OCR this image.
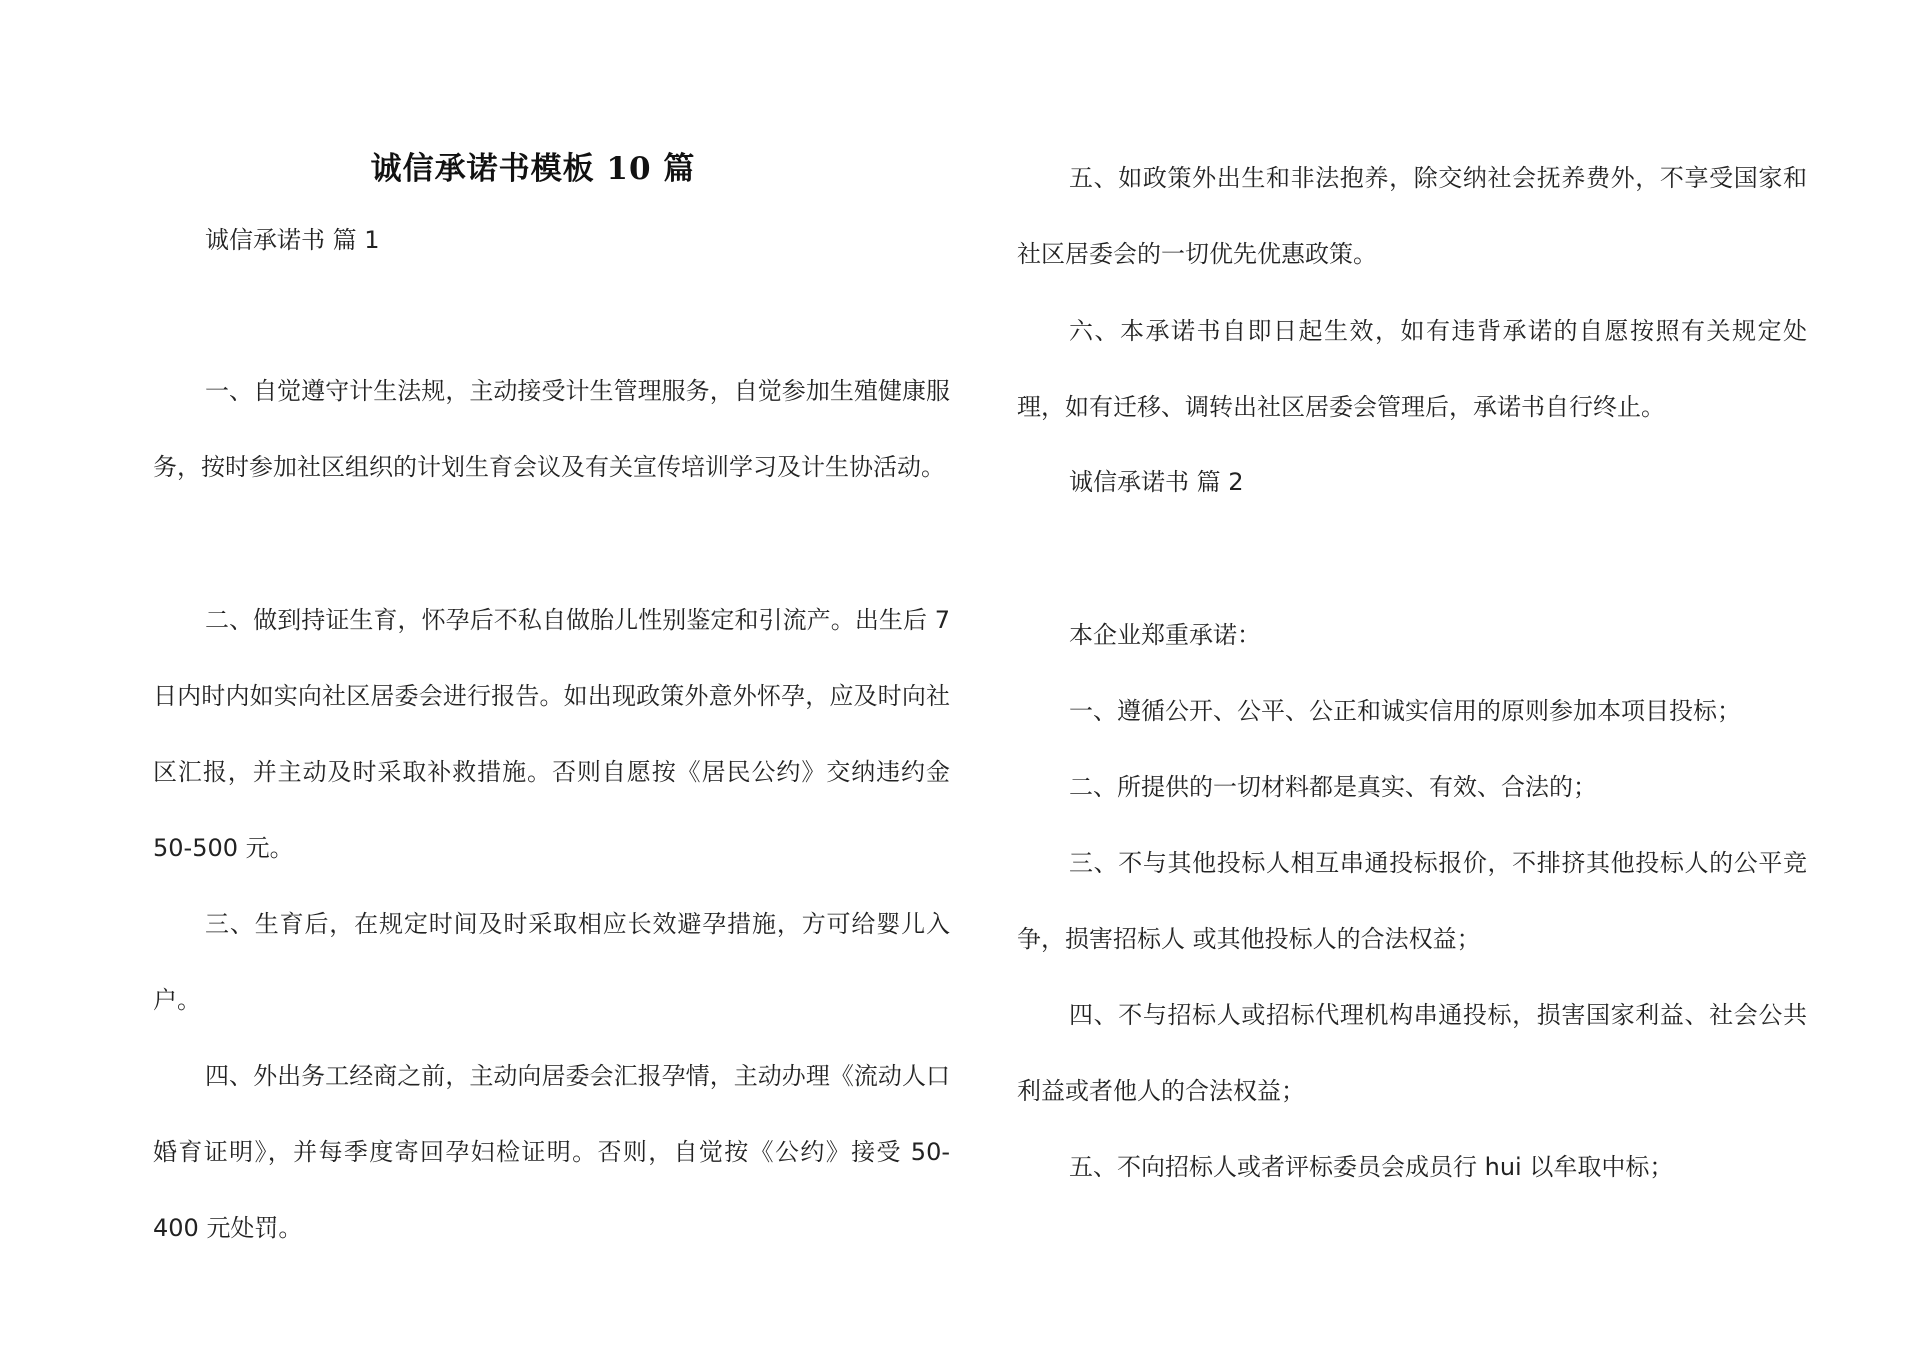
诚信承诺书模板 10 篇

诚信承诺书 篇 1

一、自觉遵守计生法规，主动接受计生管理服务，自觉参加生殖健康服务，按时参加社区组织的计划生育会议及有关宣传培训学习及计生协活动。

二、做到持证生育，怀孕后不私自做胎儿性别鉴定和引流产。出生后 7 日内时内如实向社区居委会进行报告。如出现政策外意外怀孕，应及时向社区汇报，并主动及时采取补救措施。否则自愿按《居民公约》交纳违约金 50-500 元。

三、生育后，在规定时间及时采取相应长效避孕措施，方可给婴儿入户。

四、外出务工经商之前，主动向居委会汇报孕情，主动办理《流动人口婚育证明》，并每季度寄回孕妇检证明。否则，自觉按《公约》接受 50-400 元处罚。

五、如政策外出生和非法抱养，除交纳社会抚养费外，不享受国家和社区居委会的一切优先优惠政策。

六、本承诺书自即日起生效，如有违背承诺的自愿按照有关规定处理，如有迁移、调转出社区居委会管理后，承诺书自行终止。

诚信承诺书 篇 2

本企业郑重承诺：

一、遵循公开、公平、公正和诚实信用的原则参加本项目投标；

二、所提供的一切材料都是真实、有效、合法的；

三、不与其他投标人相互串通投标报价，不排挤其他投标人的公平竞争，损害招标人 或其他投标人的合法权益；

四、不与招标人或招标代理机构串通投标，损害国家利益、社会公共利益或者他人的合法权益；

五、不向招标人或者评标委员会成员行 hui 以牟取中标；
